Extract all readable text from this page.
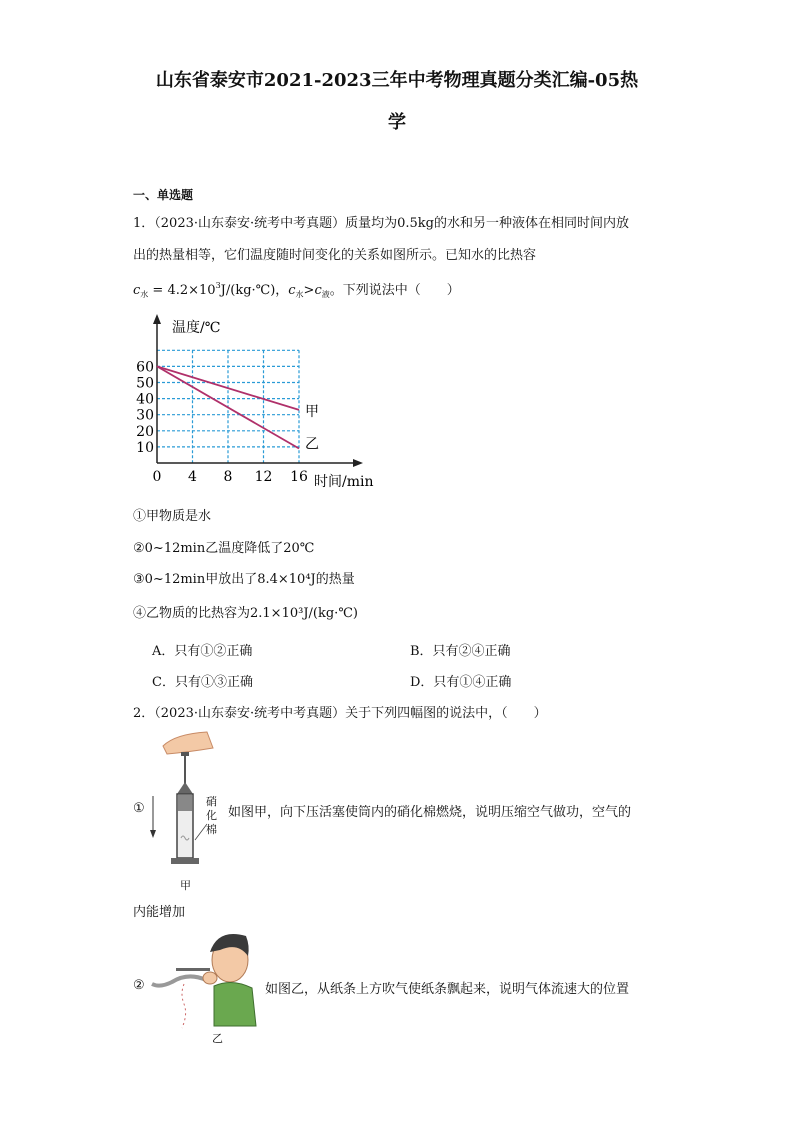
山东省泰安市2021-2023三年中考物理真题分类汇编-05热
学
一、单选题
1．（2023·山东泰安·统考中考真题）质量均为0.5kg的水和另一种液体在相同时间内放
出的热量相等，它们温度随时间变化的关系如图所示。已知水的比热容
$c_水$ = $4.2\times 10^3J/(kg\cdot℃)$，$c_水>c_液$。下列说法中（　　）
0 4 8 12 16
10
20
30
40
50
60
甲
乙
温度/℃
时间/min
①甲物质是水
②0~12min乙温度降低了20℃
③0~12min甲放出了8.4×10⁴J的热量
④乙物质的比热容为2.1×10³J/(kg·℃)
A．只有①②正确	B．只有②④正确
C．只有①③正确	D．只有①④正确
2．（2023·山东泰安·统考中考真题）关于下列四幅图的说法中，（　　）
①	硝
化
棉
甲
如图甲，向下压活塞使筒内的硝化棉燃烧，说明压缩空气做功，空气的
内能增加
②
乙
如图乙，从纸条上方吹气使纸条飘起来，说明气体流速大的位置
